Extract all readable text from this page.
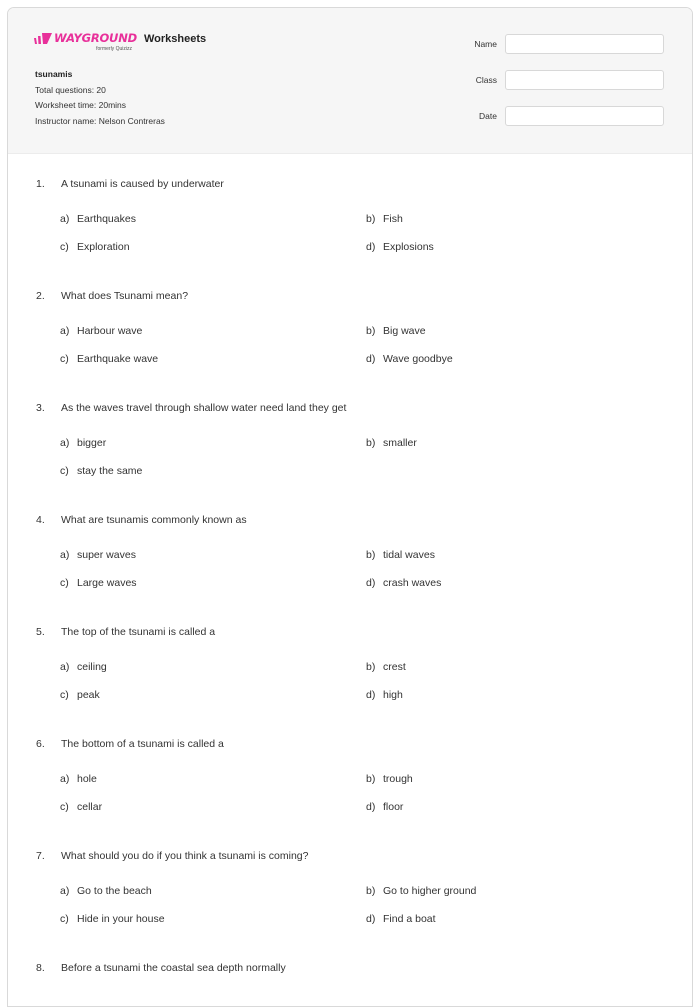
WAYGROUND
formerly Quizizz
Worksheets
tsunamis
Total questions: 20
Worksheet time: 20mins
Instructor name: Nelson Contreras
Name
Class
Date
1.	A tsunami is caused by underwater
a) Earthquakes	b) Fish
c) Exploration	d) Explosions
2.	What does Tsunami mean?
a) Harbour wave	b) Big wave
c) Earthquake wave	d) Wave goodbye
3.	As the waves travel through shallow water need land they get
a) bigger	b) smaller
c) stay the same
4.	What are tsunamis commonly known as
a) super waves	b) tidal waves
c) Large waves	d) crash waves
5.	The top of the tsunami is called a
a) ceiling	b) crest
c) peak	d) high
6.	The bottom of a tsunami is called a
a) hole	b) trough
c) cellar	d) floor
7.	What should you do if you think a tsunami is coming?
a) Go to the beach	b) Go to higher ground
c) Hide in your house	d) Find a boat
8.	Before a tsunami the coastal sea depth normally
